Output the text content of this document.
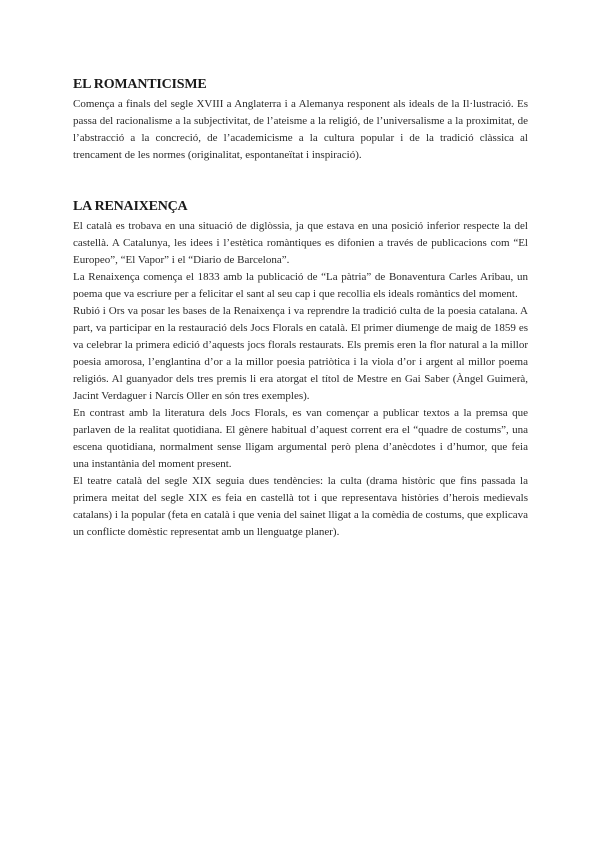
EL ROMANTICISME

Comença a finals del segle XVIII a Anglaterra i a Alemanya responent als ideals de la Il·lustració. Es passa del racionalisme a la subjectivitat, de l’ateisme a la religió, de l’universalisme a la proximitat, de l’abstracció a la concreció, de l’academicisme a la cultura popular i de la tradició clàssica al trencament de les normes (originalitat, espontaneïtat i inspiració).

LA RENAIXENÇA

El català es trobava en una situació de diglòssia, ja que estava en una posició inferior respecte la del castellà. A Catalunya, les idees i l’estètica romàntiques es difonien a través de publicacions com “El Europeo”, “El Vapor” i el “Diario de Barcelona”.

La Renaixença comença el 1833 amb la publicació de “La pàtria” de Bonaventura Carles Aribau, un poema que va escriure per a felicitar el sant al seu cap i que recollia els ideals romàntics del moment.

Rubió i Ors va posar les bases de la Renaixença i va reprendre la tradició culta de la poesia catalana. A part, va participar en la restauració dels Jocs Florals en català. El primer diumenge de maig de 1859 es va celebrar la primera edició d’aquests jocs florals restaurats. Els premis eren la flor natural a la millor poesia amorosa, l’englantina d’or a la millor poesia patriòtica i la viola d’or i argent al millor poema religiós. Al guanyador dels tres premis li era atorgat el títol de Mestre en Gai Saber (Àngel Guimerà, Jacint Verdaguer i Narcís Oller en són tres exemples).

En contrast amb la literatura dels Jocs Florals, es van començar a publicar textos a la premsa que parlaven de la realitat quotidiana. El gènere habitual d’aquest corrent era el “quadre de costums”, una escena quotidiana, normalment sense lligam argumental però plena d’anècdotes i d’humor, que feia una instantània del moment present.

El teatre català del segle XIX seguia dues tendències: la culta (drama històric que fins passada la primera meitat del segle XIX es feia en castellà tot i que representava històries d’herois medievals catalans) i la popular (feta en català i que venia del sainet lligat a la comèdia de costums, que explicava un conflicte domèstic representat amb un llenguatge planer).
